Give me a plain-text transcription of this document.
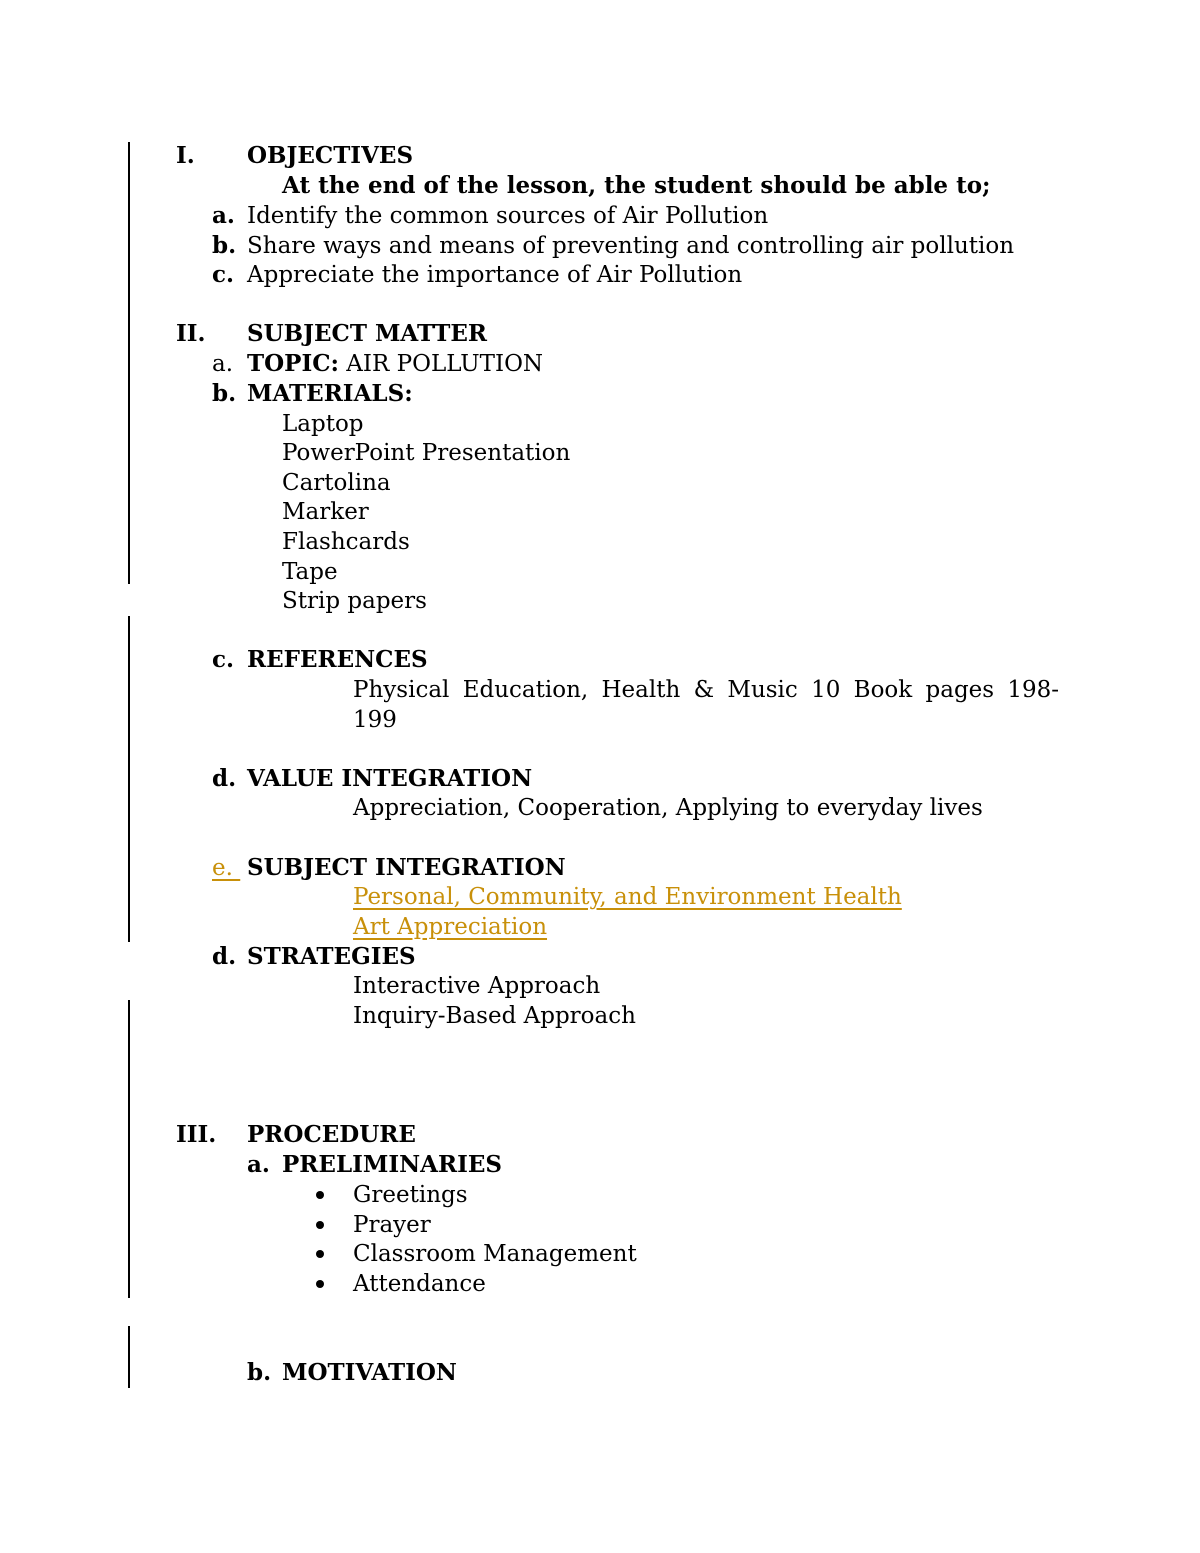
I. OBJECTIVES
At the end of the lesson, the student should be able to;
a. Identify the common sources of Air Pollution
b. Share ways and means of preventing and controlling air pollution
c. Appreciate the importance of Air Pollution
II. SUBJECT MATTER
a. TOPIC: AIR POLLUTION
b. MATERIALS:
Laptop
PowerPoint Presentation
Cartolina
Marker
Flashcards
Tape
Strip papers
c. REFERENCES
Physical Education, Health & Music 10 Book pages 198-
199
d. VALUE INTEGRATION
Appreciation, Cooperation, Applying to everyday lives
e. SUBJECT INTEGRATION
Personal, Community, and Environment Health
Art Appreciation
d. STRATEGIES
Interactive Approach
Inquiry-Based Approach
III. PROCEDURE
a. PRELIMINARIES
Greetings
Prayer
Classroom Management
Attendance
b. MOTIVATION
